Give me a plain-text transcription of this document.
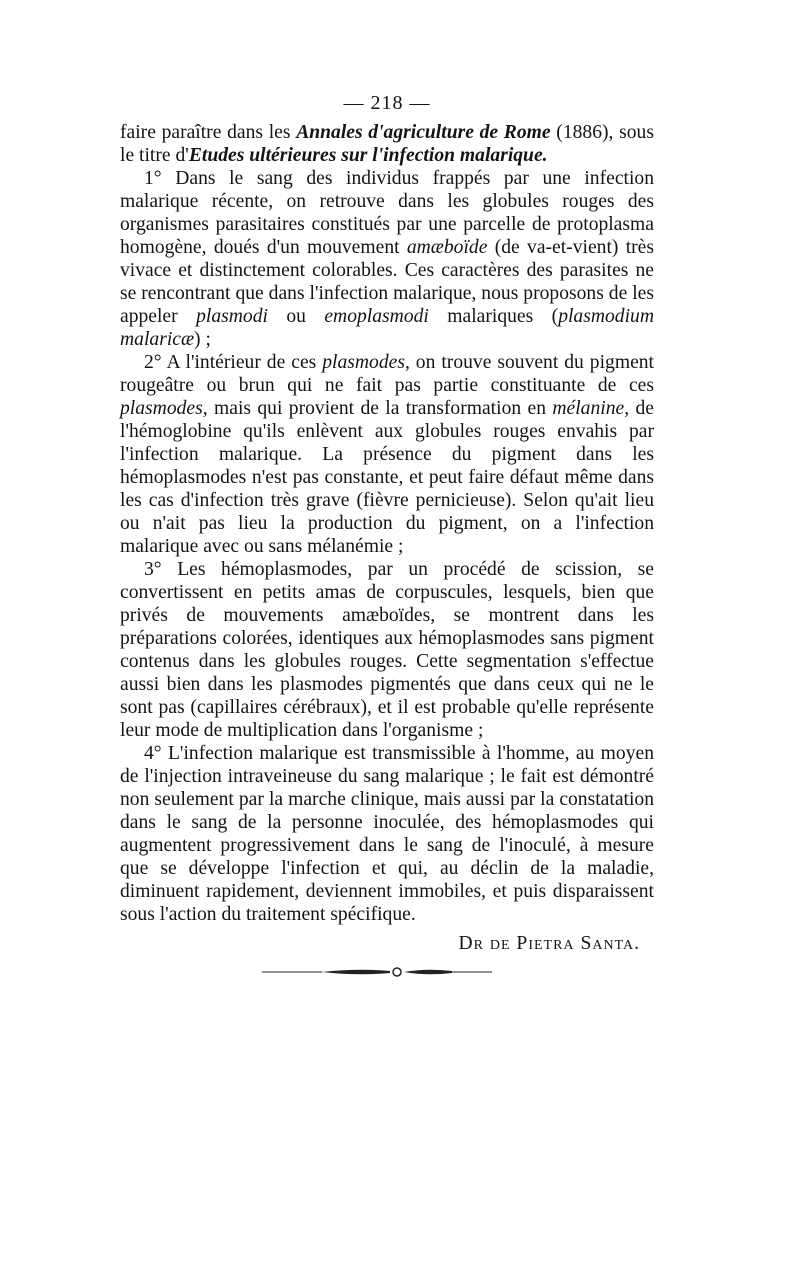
— 218 —

faire paraître dans les Annales d'agriculture de Rome (1886), sous le titre d'Etudes ultérieures sur l'infection malarique.

1° Dans le sang des individus frappés par une infection malarique récente, on retrouve dans les globules rouges des organismes parasitaires constitués par une parcelle de protoplasma homogène, doués d'un mouvement amæboïde (de va-et-vient) très vivace et distinctement colorables. Ces caractères des parasites ne se rencontrant que dans l'infection malarique, nous proposons de les appeler plasmodi ou emoplasmodi malariques (plasmodium malaricæ) ;

2° A l'intérieur de ces plasmodes, on trouve souvent du pigment rougeâtre ou brun qui ne fait pas partie constituante de ces plasmodes, mais qui provient de la transformation en mélanine, de l'hémoglobine qu'ils enlèvent aux globules rouges envahis par l'infection malarique. La présence du pigment dans les hémoplasmodes n'est pas constante, et peut faire défaut même dans les cas d'infection très grave (fièvre pernicieuse). Selon qu'ait lieu ou n'ait pas lieu la production du pigment, on a l'infection malarique avec ou sans mélanémie ;

3° Les hémoplasmodes, par un procédé de scission, se convertissent en petits amas de corpuscules, lesquels, bien que privés de mouvements amæboïdes, se montrent dans les préparations colorées, identiques aux hémoplasmodes sans pigment contenus dans les globules rouges. Cette segmentation s'effectue aussi bien dans les plasmodes pigmentés que dans ceux qui ne le sont pas (capillaires cérébraux), et il est probable qu'elle représente leur mode de multiplication dans l'organisme ;

4° L'infection malarique est transmissible à l'homme, au moyen de l'injection intraveineuse du sang malarique ; le fait est démontré non seulement par la marche clinique, mais aussi par la constatation dans le sang de la personne inoculée, des hémoplasmodes qui augmentent progressivement dans le sang de l'inoculé, à mesure que se développe l'infection et qui, au déclin de la maladie, diminuent rapidement, deviennent immobiles, et puis disparaissent sous l'action du traitement spécifique.

Dr de Pietra Santa.
